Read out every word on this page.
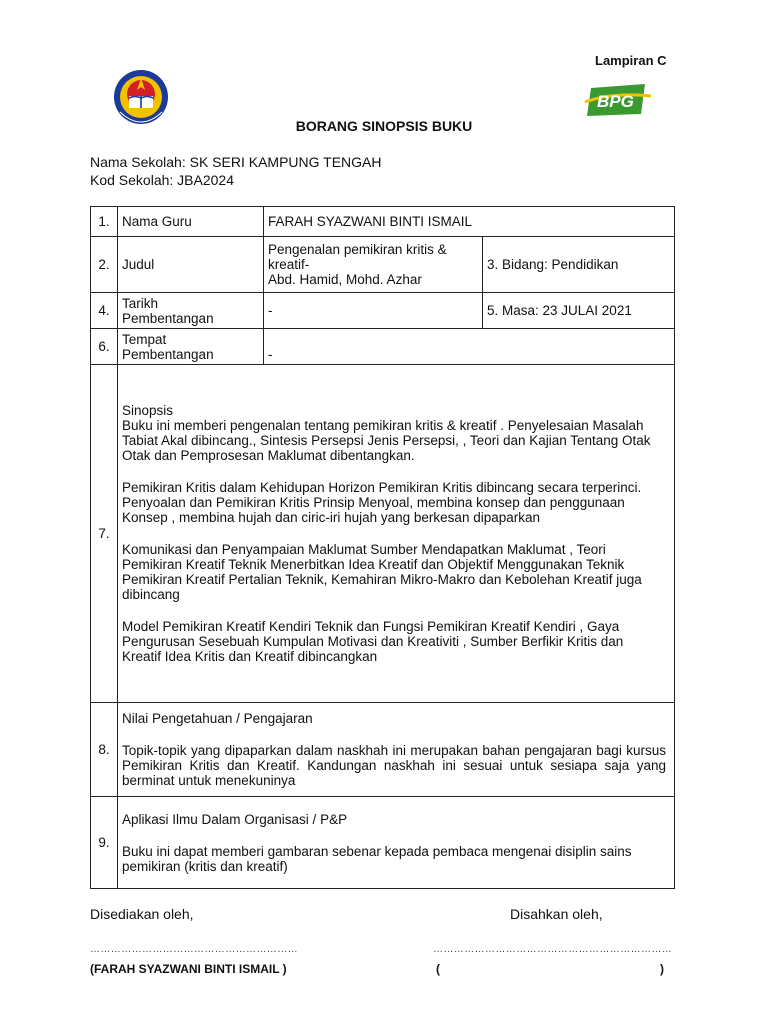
Lampiran C
BPG
BORANG SINOPSIS BUKU
Nama Sekolah: SK SERI KAMPUNG TENGAH
Kod Sekolah: JBA2024
1.	Nama Guru	FARAH SYAZWANI BINTI ISMAIL	
2.	Judul	Pengenalan pemikiran kritis &
kreatif-
Abd. Hamid, Mohd. Azhar	3. Bidang: Pendidikan
4.	Tarikh
Pembentangan	-	5. Masa: 23 JULAI 2021
6.	Tempat
Pembentangan	-	
7.	Sinopsis

Buku ini memberi pengenalan tentang pemikiran kritis & kreatif . Penyelesaian Masalah Tabiat Akal dibincang., Sintesis Persepsi Jenis Persepsi, , Teori dan Kajian Tentang Otak Otak dan Pemprosesan Maklumat dibentangkan.

Pemikiran Kritis dalam Kehidupan Horizon Pemikiran Kritis dibincang secara terperinci. Penyoalan dan Pemikiran Kritis Prinsip Menyoal, membina konsep dan penggunaan Konsep , membina hujah dan ciric-iri hujah yang berkesan dipaparkan

Komunikasi dan Penyampaian Maklumat Sumber Mendapatkan Maklumat , Teori Pemikiran Kreatif Teknik Menerbitkan Idea Kreatif dan Objektif Menggunakan Teknik Pemikiran Kreatif Pertalian Teknik, Kemahiran Mikro-Makro dan Kebolehan Kreatif juga dibincang

Model Pemikiran Kreatif Kendiri Teknik dan Fungsi Pemikiran Kreatif Kendiri , Gaya Pengurusan Sesebuah Kumpulan Motivasi dan Kreativiti , Sumber Berfikir Kritis dan Kreatif Idea Kritis dan Kreatif dibincangkan		

8.	Nilai Pengetahuan / Pengajaran

Topik-topik yang dipaparkan dalam naskhah ini merupakan bahan pengajaran bagi kursus Pemikiran Kritis dan Kreatif. Kandungan naskhah ini sesuai untuk sesiapa saja yang berminat untuk menekuninya		

9.	Aplikasi Ilmu Dalam Organisasi / P&P

Buku ini dapat memberi gambaran sebenar kepada pembaca mengenai disiplin sains pemikiran (kritis dan kreatif)		

Disediakan oleh,	Disahkan oleh,
……………………………………………………	……………………………………………………………
(FARAH SYAZWANI BINTI ISMAIL )	(	)
